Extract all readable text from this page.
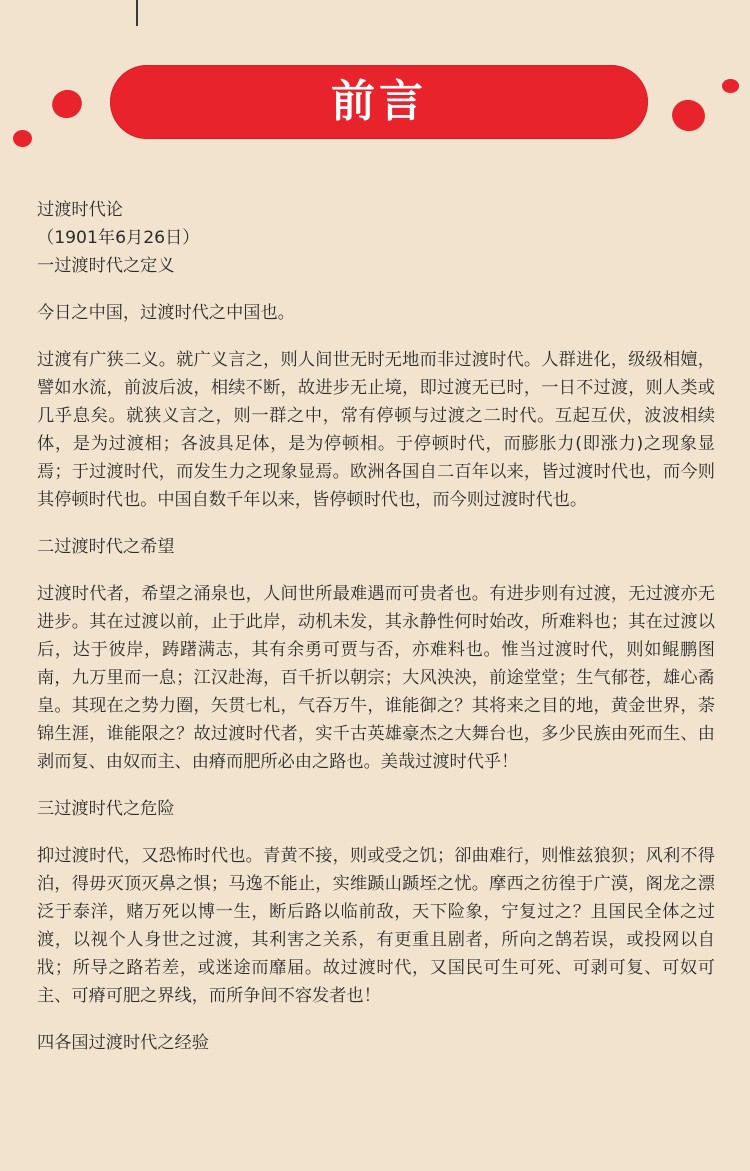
前言
过渡时代论
（1901年6月26日）
一过渡时代之定义

今日之中国，过渡时代之中国也。

过渡有广狭二义。就广义言之，则人间世无时无地而非过渡时代。人群进化，级级相嬗，譬如水流，前波后波，相续不断，故进步无止境，即过渡无已时，一日不过渡，则人类或几乎息矣。就狭义言之，则一群之中，常有停顿与过渡之二时代。互起互伏，波波相续体，是为过渡相；各波具足体，是为停顿相。于停顿时代，而膨胀力(即涨力)之现象显焉；于过渡时代，而发生力之现象显焉。欧洲各国自二百年以来，皆过渡时代也，而今则其停顿时代也。中国自数千年以来，皆停顿时代也，而今则过渡时代也。

二过渡时代之希望

过渡时代者，希望之涌泉也，人间世所最难遇而可贵者也。有进步则有过渡，无过渡亦无进步。其在过渡以前，止于此岸，动机未发，其永静性何时始改，所难料也；其在过渡以后，达于彼岸，踌躇满志，其有余勇可贾与否，亦难料也。惟当过渡时代，则如鲲鹏图南，九万里而一息；江汉赴海，百千折以朝宗；大风泱泱，前途堂堂；生气郁苍，雄心矞皇。其现在之势力圈，矢贯七札，气吞万牛，谁能御之？其将来之目的地，黄金世界，荼锦生涯，谁能限之？故过渡时代者，实千古英雄豪杰之大舞台也，多少民族由死而生、由剥而复、由奴而主、由瘠而肥所必由之路也。美哉过渡时代乎！

三过渡时代之危险

抑过渡时代，又恐怖时代也。青黄不接，则或受之饥；卻曲难行，则惟兹狼狈；风利不得泊，得毋灭顶灭鼻之惧；马逸不能止，实维踬山踬垤之忧。摩西之彷徨于广漠，阁龙之漂泛于泰洋，赌万死以博一生，断后路以临前敌，天下险象，宁复过之？且国民全体之过渡，以视个人身世之过渡，其利害之关系，有更重且剧者，所向之鹄若误，或投网以自戕；所导之路若差，或迷途而靡届。故过渡时代，又国民可生可死、可剥可复、可奴可主、可瘠可肥之界线，而所争间不容发者也！

四各国过渡时代之经验
